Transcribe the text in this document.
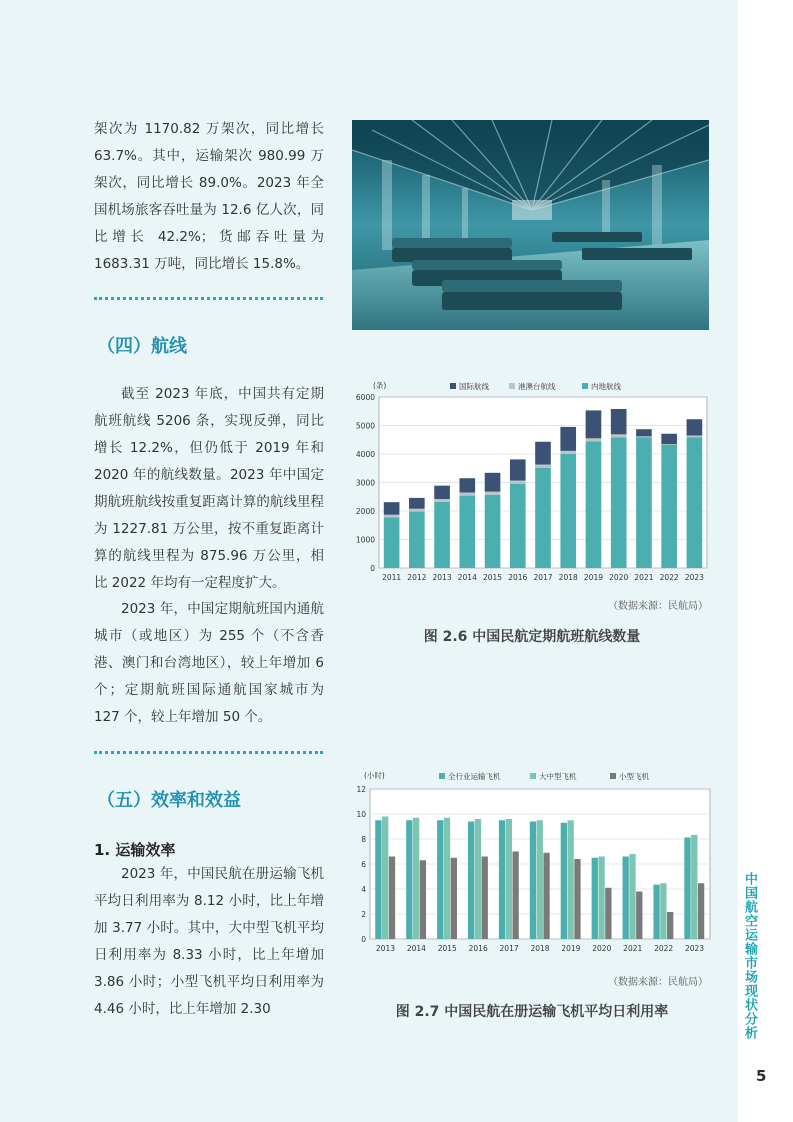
中国航空运输市场现状分析
5

架次为 1170.82 万架次，同比增长 63.7%。其中，运输架次 980.99 万架次，同比增长 89.0%。2023 年全国机场旅客吞吐量为 12.6 亿人次，同比增长 42.2%；货邮吞吐量为 1683.31 万吨，同比增长 15.8%。

（四）航线

截至 2023 年底，中国共有定期航班航线 5206 条，实现反弹，同比增长 12.2%，但仍低于 2019 年和 2020 年的航线数量。2023 年中国定期航班航线按重复距离计算的航线里程为 1227.81 万公里，按不重复距离计算的航线里程为 875.96 万公里，相比 2022 年均有一定程度扩大。

2023 年，中国定期航班国内通航城市（或地区）为 255 个（不含香港、澳门和台湾地区），较上年增加 6 个；定期航班国际通航国家城市为 127 个，较上年增加 50 个。

（五）效率和效益
1. 运输效率

2023 年，中国民航在册运输飞机平均日利用率为 8.12 小时，比上年增加 3.77 小时。其中，大中型飞机平均日利用率为 8.33 小时，比上年增加 3.86 小时；小型飞机平均日利用率为 4.46 小时，比上年增加 2.30

0
1000
2000
3000
4000
5000
6000
(条)	国际航线	港澳台航线	内地航线
2011 2012 2013 2014 2015 2016 2017 2018 2019 2020 2021 2022 2023
（数据来源：民航局）
图 2.6 中国民航定期航班航线数量
0
2
4
6
8
10
12
(小时)	全行业运输飞机	大中型飞机	小型飞机
2013 2014 2015 2016 2017 2018 2019 2020 2021 2022 2023
（数据来源：民航局）
图 2.7 中国民航在册运输飞机平均日利用率
